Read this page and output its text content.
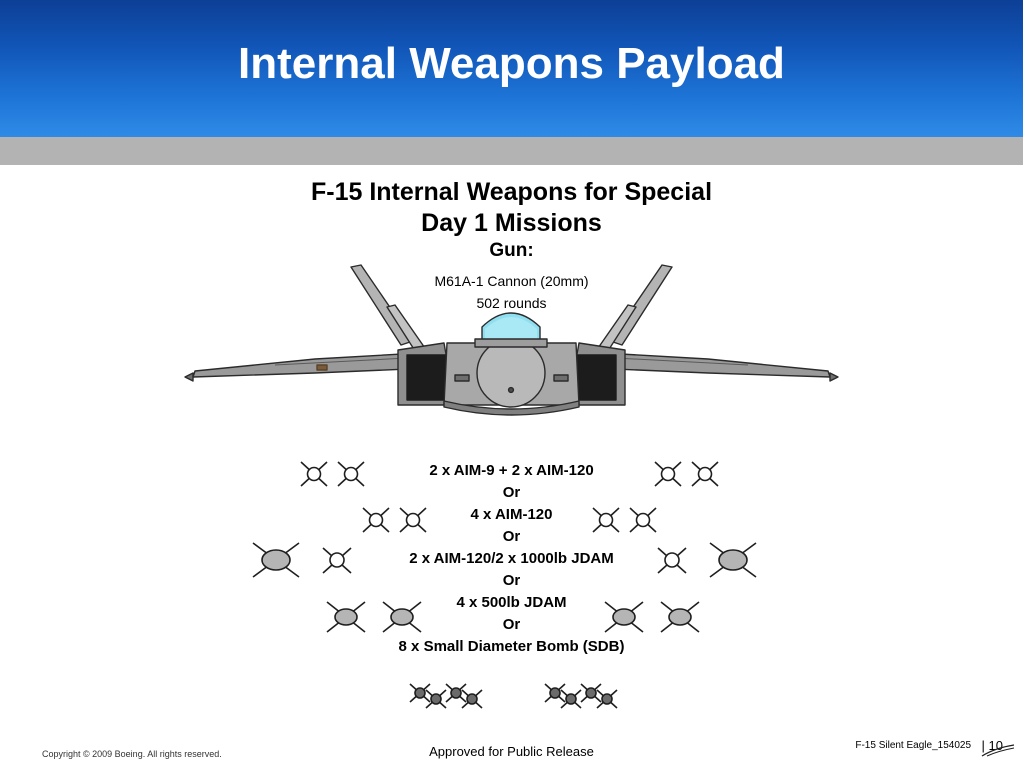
Internal Weapons Payload
F-15 Internal Weapons for Special
Day 1 Missions
Gun:
M61A-1 Cannon (20mm)
502 rounds
2 x AIM-9 + 2 x AIM-120
Or
4 x AIM-120
Or
2 x AIM-120/2 x 1000lb JDAM
Or
4 x 500lb JDAM
Or
8 x Small Diameter Bomb (SDB)
Copyright © 2009 Boeing. All rights reserved.	Approved for Public Release	F-15 Silent Eagle_154025 | 10
